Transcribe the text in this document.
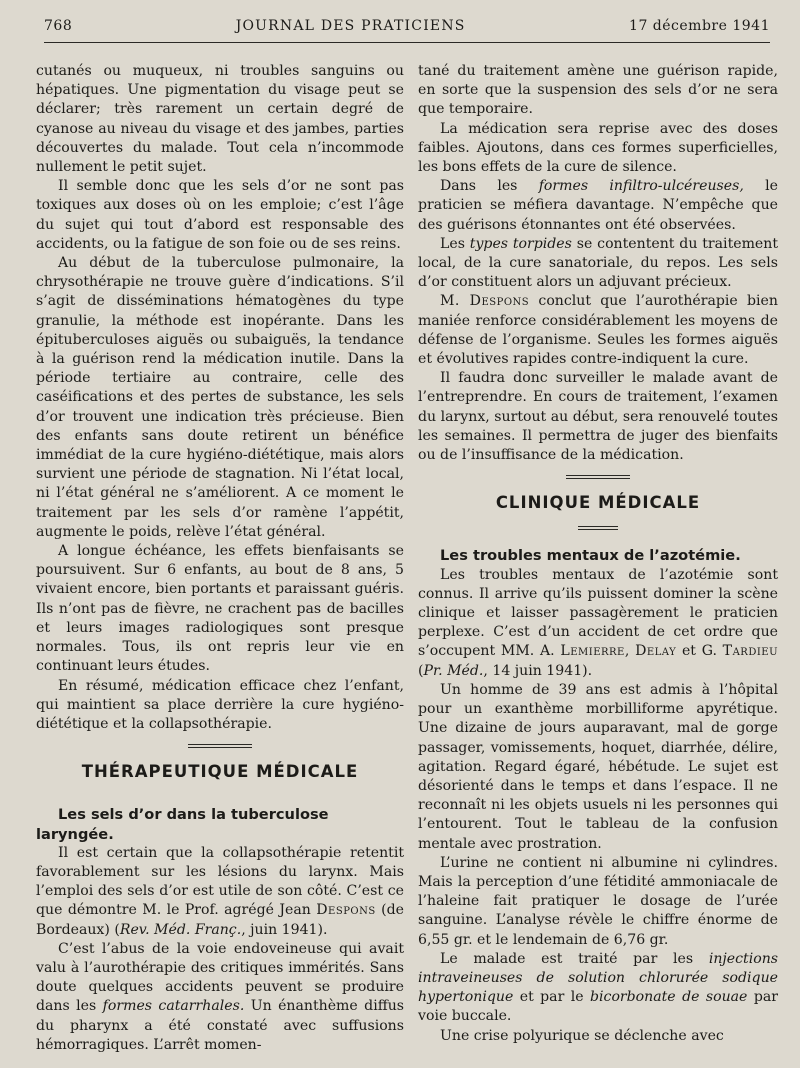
768	JOURNAL DES PRATICIENS	17 décembre 1941

cutanés ou muqueux, ni troubles sanguins ou hépatiques. Une pigmentation du visage peut se déclarer; très rarement un certain degré de cyanose au niveau du visage et des jambes, parties découvertes du malade. Tout cela n’incommode nullement le petit sujet.

Il semble donc que les sels d’or ne sont pas toxiques aux doses où on les emploie; c’est l’âge du sujet qui tout d’abord est responsable des accidents, ou la fatigue de son foie ou de ses reins.

Au début de la tuberculose pulmonaire, la chrysothérapie ne trouve guère d’indications. S’il s’agit de disséminations hématogènes du type granulie, la méthode est inopérante. Dans les épituberculoses aiguës ou subaiguës, la tendance à la guérison rend la médication inutile. Dans la période tertiaire au contraire, celle des caséifications et des pertes de substance, les sels d’or trouvent une indication très précieuse. Bien des enfants sans doute retirent un bénéfice immédiat de la cure hygiéno-diététique, mais alors survient une période de stagnation. Ni l’état local, ni l’état général ne s’améliorent. A ce moment le traitement par les sels d’or ramène l’appétit, augmente le poids, relève l’état général.

A longue échéance, les effets bienfaisants se poursuivent. Sur 6 enfants, au bout de 8 ans, 5 vivaient encore, bien portants et paraissant guéris. Ils n’ont pas de fièvre, ne crachent pas de bacilles et leurs images radiologiques sont presque normales. Tous, ils ont repris leur vie en continuant leurs études.

En résumé, médication efficace chez l’enfant, qui maintient sa place derrière la cure hygiéno-diététique et la collapsothérapie.

THÉRAPEUTIQUE MÉDICALE

Les sels d’or dans la tuberculose laryngée.

Il est certain que la collapsothérapie retentit favorablement sur les lésions du larynx. Mais l’emploi des sels d’or est utile de son côté. C’est ce que démontre M. le Prof. agrégé Jean Despons (de Bordeaux) (Rev. Méd. Franç., juin 1941).

C’est l’abus de la voie endoveineuse qui avait valu à l’aurothérapie des critiques immérités. Sans doute quelques accidents peuvent se produire dans les formes catarrhales. Un énanthème diffus du pharynx a été constaté avec suffusions hémorragiques. L’arrêt momen-

tané du traitement amène une guérison rapide, en sorte que la suspension des sels d’or ne sera que temporaire.

La médication sera reprise avec des doses faibles. Ajoutons, dans ces formes superficielles, les bons effets de la cure de silence.

Dans les formes infiltro-ulcéreuses, le praticien se méfiera davantage. N’empêche que des guérisons étonnantes ont été observées.

Les types torpides se contentent du traitement local, de la cure sanatoriale, du repos. Les sels d’or constituent alors un adjuvant précieux.

M. Despons conclut que l’aurothérapie bien maniée renforce considérablement les moyens de défense de l’organisme. Seules les formes aiguës et évolutives rapides contre-indiquent la cure.

Il faudra donc surveiller le malade avant de l’entreprendre. En cours de traitement, l’examen du larynx, surtout au début, sera renouvelé toutes les semaines. Il permettra de juger des bienfaits ou de l’insuffisance de la médication.

CLINIQUE MÉDICALE

Les troubles mentaux de l’azotémie.

Les troubles mentaux de l’azotémie sont connus. Il arrive qu’ils puissent dominer la scène clinique et laisser passagèrement le praticien perplexe. C’est d’un accident de cet ordre que s’occupent MM. A. Lemierre, Delay et G. Tardieu (Pr. Méd., 14 juin 1941).

Un homme de 39 ans est admis à l’hôpital pour un exanthème morbilliforme apyrétique. Une dizaine de jours auparavant, mal de gorge passager, vomissements, hoquet, diarrhée, délire, agitation. Regard égaré, hébétude. Le sujet est désorienté dans le temps et dans l’espace. Il ne reconnaît ni les objets usuels ni les personnes qui l’entourent. Tout le tableau de la confusion mentale avec prostration.

L’urine ne contient ni albumine ni cylindres. Mais la perception d’une fétidité ammoniacale de l’haleine fait pratiquer le dosage de l’urée sanguine. L’analyse révèle le chiffre énorme de 6,55 gr. et le lendemain de 6,76 gr.

Le malade est traité par les injections intraveineuses de solution chlorurée sodique hypertonique et par le bicorbonate de souae par voie buccale.

Une crise polyurique se déclenche avec
